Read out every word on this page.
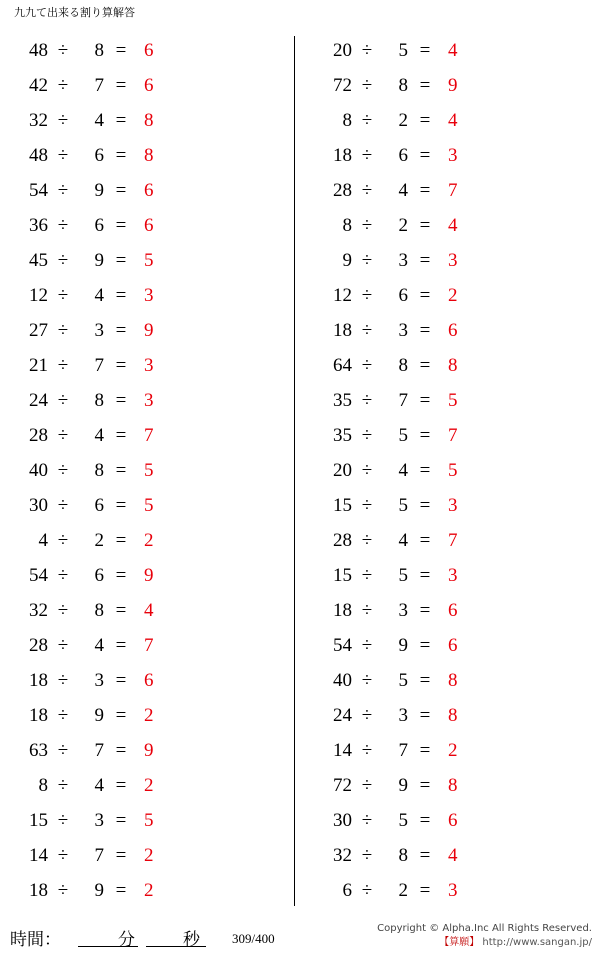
九九て出来る割り算解答
48 ÷	8 = 6
42 ÷	7 = 6
32 ÷	4 = 8
48 ÷	6 = 8
54 ÷	9 = 6
36 ÷	6 = 6
45 ÷	9 = 5
12 ÷	4 = 3
27 ÷	3 = 9
21 ÷	7 = 3
24 ÷	8 = 3
28 ÷	4 = 7
40 ÷	8 = 5
30 ÷	6 = 5
4 ÷	2 = 2
54 ÷	6 = 9
32 ÷	8 = 4
28 ÷	4 = 7
18 ÷	3 = 6
18 ÷	9 = 2
63 ÷	7 = 9
8 ÷	4 = 2
15 ÷	3 = 5
14 ÷	7 = 2
18 ÷	9 = 2
20 ÷	5 = 4
72 ÷	8 = 9
8 ÷	2 = 4
18 ÷	6 = 3
28 ÷	4 = 7
8 ÷	2 = 4
9 ÷	3 = 3
12 ÷	6 = 2
18 ÷	3 = 6
64 ÷	8 = 8
35 ÷	7 = 5
35 ÷	5 = 7
20 ÷	4 = 5
15 ÷	5 = 3
28 ÷	4 = 7
15 ÷	5 = 3
18 ÷	3 = 6
54 ÷	9 = 6
40 ÷	5 = 8
24 ÷	3 = 8
14 ÷	7 = 2
72 ÷	9 = 8
30 ÷	5 = 6
32 ÷	8 = 4
6 ÷	2 = 3
時間：	分	秒 309/400
Copyright © Alpha.Inc All Rights Reserved.
【算願】 http://www.sangan.jp/
